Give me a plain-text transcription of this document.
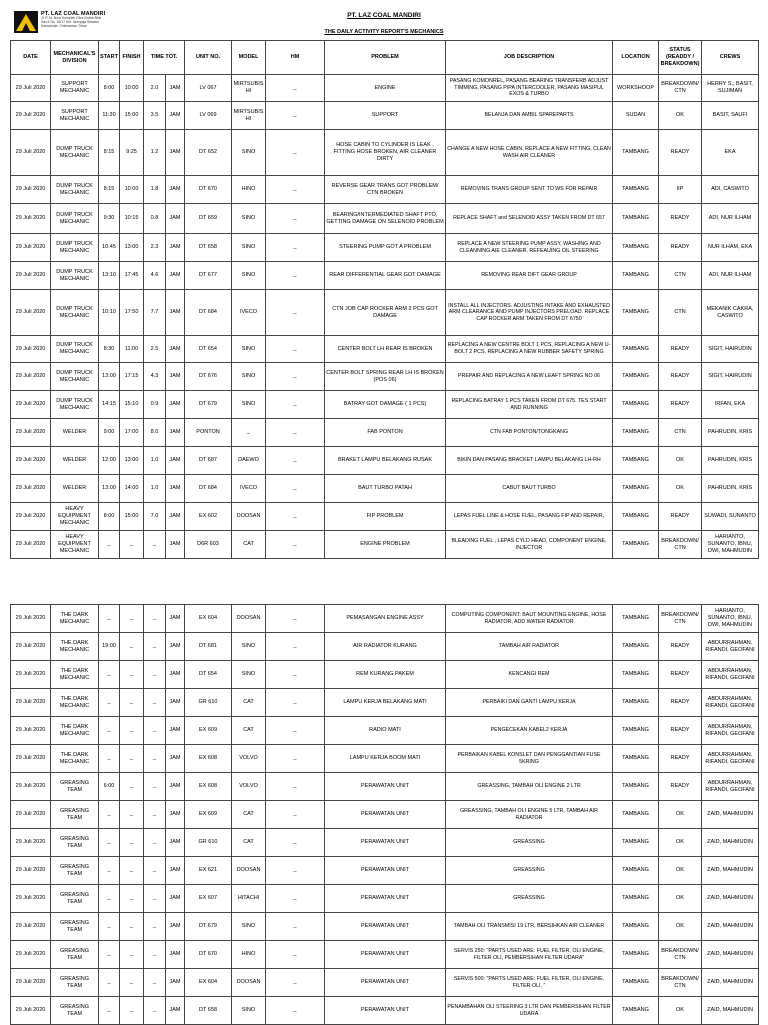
PT. LAZ COAL MANDIRI
Jl. P. M. Noor Komplek Citra Graha Blok
Kav.3 No. 16/17 Kel. Sempaja Selatan
Samarinda - Kalimantan Timur
PT. LAZ COAL MANDIRI
THE DAILY ACTIVITY REPORT'S MECHANICS
DATE	MECHANICAL'S DIVISION	START	FINISH	TIME TOT.		UNIT NO.	MODEL	HM	PROBLEM	JOB DESCRIPTION	LOCATION	STATUS (READDY / BREAKDOWN)	CREWS
29 Juli 2020	SUPPORT MECHANIC	8:00	10:00	2.0	JAM	LV 067	MIRTSUBISHI	_	ENGINE	PASANG KOMONREL, PASANG BEARING TRANSFERB ADJUST TIMMING, PASANG PIPA INTERCOOLER, PASANG MASIPUL EXOS & TURBO	WORKSHOOP	BREAKDOWN/CTN	HERRY S., BASIT, SUJIMAN
29 Juli 2020	SUPPORT MECHANIC	11:30	15:00	3.5	JAM	LV 069	MIRTSUBISHI	_	SUPPORT	BELANJA DAN AMBIL SPAREPARTS	SUDAN	OK	BASIT, SAUFI
29 Juli 2020	DUMP TRUCK MECHANIC	8:15	9:25	1.2	JAM	DT 652	SINO	_	HOSE CABIN TO CYLINDER IS LEAK , FITTING HOSE BROKEN, AIR CLEANER DIRTY	CHANGE A NEW HOSE CABIN, REPLACE A NEW FITTING, CLEAN WASH AIR CLEANER	TAMBANG	READY	EKA
29 Juli 2020	DUMP TRUCK MECHANIC	8:15	10:00	1.8	JAM	DT 670	HINO	_	REVERSE GEAR TRANS GOT PROBLEM/ CTN BROKEN	REMOVING TRANS GROUP SENT TO WS FOR REPAIR	TAMBANG	IIP	ADI, CASWITO
29 Juli 2020	DUMP TRUCK MECHANIC	9:30	10:15	0.8	JAM	DT 659	SINO	_	BEARING/INTERMEDIATED SHAFT PTO, GETTING DAMAGE ON SELENOID PROBLEM	REPLACE SHAFT and SELENOID ASSY TAKEN FROM DT 657	TAMBANG	READY	ADI, NUR ILHAM
29 Juli 2020	DUMP TRUCK MECHANIC	10:45	13:00	2.3	JAM	DT 658	SINO	_	STEERING PUMP GOT A PROBLEM	REPLACE A NEW STEERING PUMP ASSY, WASHING AND CLEANNING AIE CLEANER. REFEAUING OIL STEERING	TAMBANG	READY	NUR ILHAM, EKA
29 Juli 2020	DUMP TRUCK MECHANIC	13:10	17:45	4.6	JAM	DT 677	SINO	_	REAR DIFFERENTIAL GEAR GOT DAMAGE	REMOVING REAR DIFT GEAR GROUP	TAMBANG	CTN	ADI, NUR ILHAM
29 Juli 2020	DUMP TRUCK MECHANIC	10:10	17:50	7.7	JAM	DT 684	IVECO	_	CTN JOB CAP ROCKER ARM 2 PCS GOT DAMAGE	INSTALL ALL INJECTORS. ADJUSTING INTAKE AND EXHAUSTED ARM CLEARANCE AND PUMP INJECTORS PRELOAD. REPLACE CAP ROCKER ARM TAKEN FROM DT 6750	TAMBANG	CTN	MEKANIK CAKRA, CASWITO
29 Juli 2020	DUMP TRUCK MECHANIC	8:30	11:00	2.5	JAM	DT 654	SINO	_	CENTER BOLT LH REAR IS BROKEN	REPLACING A NEW CENTRE BOLT 1 PCS, REPLACING A NEW U-BOLT 2 PCS, REPLACING A NEW RUBBER SAFETY SPRING	TAMBANG	READY	SIGIT, HAIRUDIN
29 Juli 2020	DUMP TRUCK MECHANIC	13:00	17:15	4.3	JAM	DT 676	SINO	_	CENTER BOLT SPRING REAR LH IS BROKEN (POS 06)	PREPAIR AND REPLACING A NEW LEAFT SPRING NO 06	TAMBANG	READY	SIGIT, HAIRUDIN
29 Juli 2020	DUMP TRUCK MECHANIC	14:15	15:10	0.9	JAM	DT 679	SINO	_	BATRAY GOT DAMAGE ( 1 PCS)	REPLACING BATRAY 1 PCS TAKEN FROM DT 675. TES START AND RUNNING	TAMBANG	READY	IRFAN, EKA
29 Juli 2020	WELDER	9:00	17:00	8.0	JAM	PONTON	_	_	FAB PONTON	CTN FAB PONTON/TONGKANG	TAMBANG	CTN	PAHRUDIN, KRIS
29 Juli 2020	WELDER	12:00	13:00	1.0	JAM	DT 687	DAEWO	_	BRAKET LAMPU BELAKANG RUSAK	BIKIN DAN PASANG BRACKET LAMPU BELAKANG LH-RH	TAMBANG	OK	PAHRUDIN, KRIS
29 Juli 2020	WELDER	13:00	14:00	1.0	JAM	DT 684	IVECO	_	BAUT TURBO PATAH	CABUT BAUT TURBO	TAMBANG	OK	PAHRUDIN, KRIS
29 Juli 2020	HEAVY EQUIPMENT MECHANIC	8:00	15:00	7.0	JAM	EX 602	DOOSAN	_	FIP PROBLEM	LEPAS FUEL LINE & HOSE FUEL, PASANG FIP AND REPAIR,	TAMBANG	READY	SUWADI, SUNANTO
29 Juli 2020	HEAVY EQUIPMENT MECHANIC	_	_	_	JAM	D6R 603	CAT	_	ENGINE PROBLEM	BLEADING FUEL , LEPAS CYLD HEAD, COMPONENT ENGINE, INJECTOR	TAMBANG	BREAKDOWN/CTN	HARIANTO, SUNANTO, IBNU, DWI, MAHMUDIN
29 Juli 2020	THE DARK MECHANIC	_	_	_	JAM	EX 604	DOOSAN	_	PEMASANGAN ENGINE ASSY	COMPUTING COMPONENT: BAUT MOUNTING ENGINE, HOSE RADIATOR, ADD WATER RADIATOR	TAMBANG	BREAKDOWN/CTN	HARIANTO, SUNANTO, IBNU, DWI, MAHMUDIN
29 Juli 2020	THE DARK MECHANIC	19:00	_	_	JAM	DT 681	SINO	_	AIR RADIATOR KURANG	TAMBAH AIR RADIATOR	TAMBANG	READY	ABDURRAHMAN, RIFANDI, GEOFANI
29 Juli 2020	THE DARK MECHANIC	_	_	_	JAM	DT 654	SINO	_	REM KURANG PAKEM	KENCANGI REM	TAMBANG	READY	ABDURRAHMAN, RIFANDI, GEOFANI
29 Juli 2020	THE DARK MECHANIC	_	_	_	JAM	GR 610	CAT	_	LAMPU KERJA BELAKANG MATI	PERBAIKI DAN GANTI LAMPU KERJA	TAMBANG	READY	ABDURRAHMAN, RIFANDI, GEOFANI
29 Juli 2020	THE DARK MECHANIC	_	_	_	JAM	EX 609	CAT	_	RADIO MATI	PENGECEKAN KABEL2 KERJA	TAMBANG	READY	ABDURRAHMAN, RIFANDI, GEOFANI
29 Juli 2020	THE DARK MECHANIC	_	_	_	JAM	EX 608	VOLVO	_	LAMPU KERJA BOOM MATI	PERBAIKAN KABEL KONSLET DAN PENGGANTIAN FUSE 5KRING	TAMBANG	READY	ABDURRAHMAN, RIFANDI, GEOFANI
29 Juli 2020	GREASING TEAM	6:00	_	_	JAM	EX 608	VOLVO	_	PERAWATAN UNIT	GREASSING, TAMBAH OLI ENGINE 2 LTR	TAMBANG	READY	ABDURRAHMAN, RIFANDI, GEOFANI
29 Juli 2020	GREASING TEAM	_	_	_	JAM	EX 609	CAT	_	PERAWATAN UNIT	GREASSING, TAMBAH OLI ENGINE 5 LTR, TAMBAH AIR RADIATOR	TAMBANG	OK	ZAID, MAHMUDIN
29 Juli 2020	GREASING TEAM	_	_	_	JAM	GR 610	CAT	_	PERAWATAN UNIT	GREASSING	TAMBANG	OK	ZAID, MAHMUDIN
29 Juli 2020	GREASING TEAM	_	_	_	JAM	EX 621	DOOSAN	_	PERAWATAN UNIT	GREASSING	TAMBANG	OK	ZAID, MAHMUDIN
29 Juli 2020	GREASING TEAM	_	_	_	JAM	EX 607	HITACHI	_	PERAWATAN UNIT	GREASSING	TAMBANG	OK	ZAID, MAHMUDIN
29 Juli 2020	GREASING TEAM	_	_	_	JAM	DT 679	SINO	_	PERAWATAN UNIT	TAMBAH OLI TRANSMISI 19 LTR, BERSIHKAN AIR CLEANER	TAMBANG	OK	ZAID, MAHMUDIN
29 Juli 2020	GREASING TEAM	_	_	_	JAM	DT 670	HINO	_	PERAWATAN UNIT	SERVIS 250: "PARTS USED ARE: FUEL FILTER, OLI ENGINE, FILTER OLI, PEMBERSIHAN FILTER UDARA"	TAMBANG	BREAKDOWN/CTN	ZAID, MAHMUDIN
29 Juli 2020	GREASING TEAM	_	_	_	JAM	EX 604	DOOSAN	_	PERAWATAN UNIT	SERVIS 500: "PARTS USED ARE: FUEL FILTER, OLI ENGINE, FILTER OLI, "	TAMBANG	BREAKDOWN/CTN	ZAID, MAHMUDIN
29 Juli 2020	GREASING TEAM	_	_	_	JAM	DT 658	SINO	_	PERAWATAN UNIT	PENAMBAHAN OLI STEERING 3 LTR DAN PEMBERSIHAN FILTER UDARA	TAMBANG	OK	ZAID, MAHMUDIN
